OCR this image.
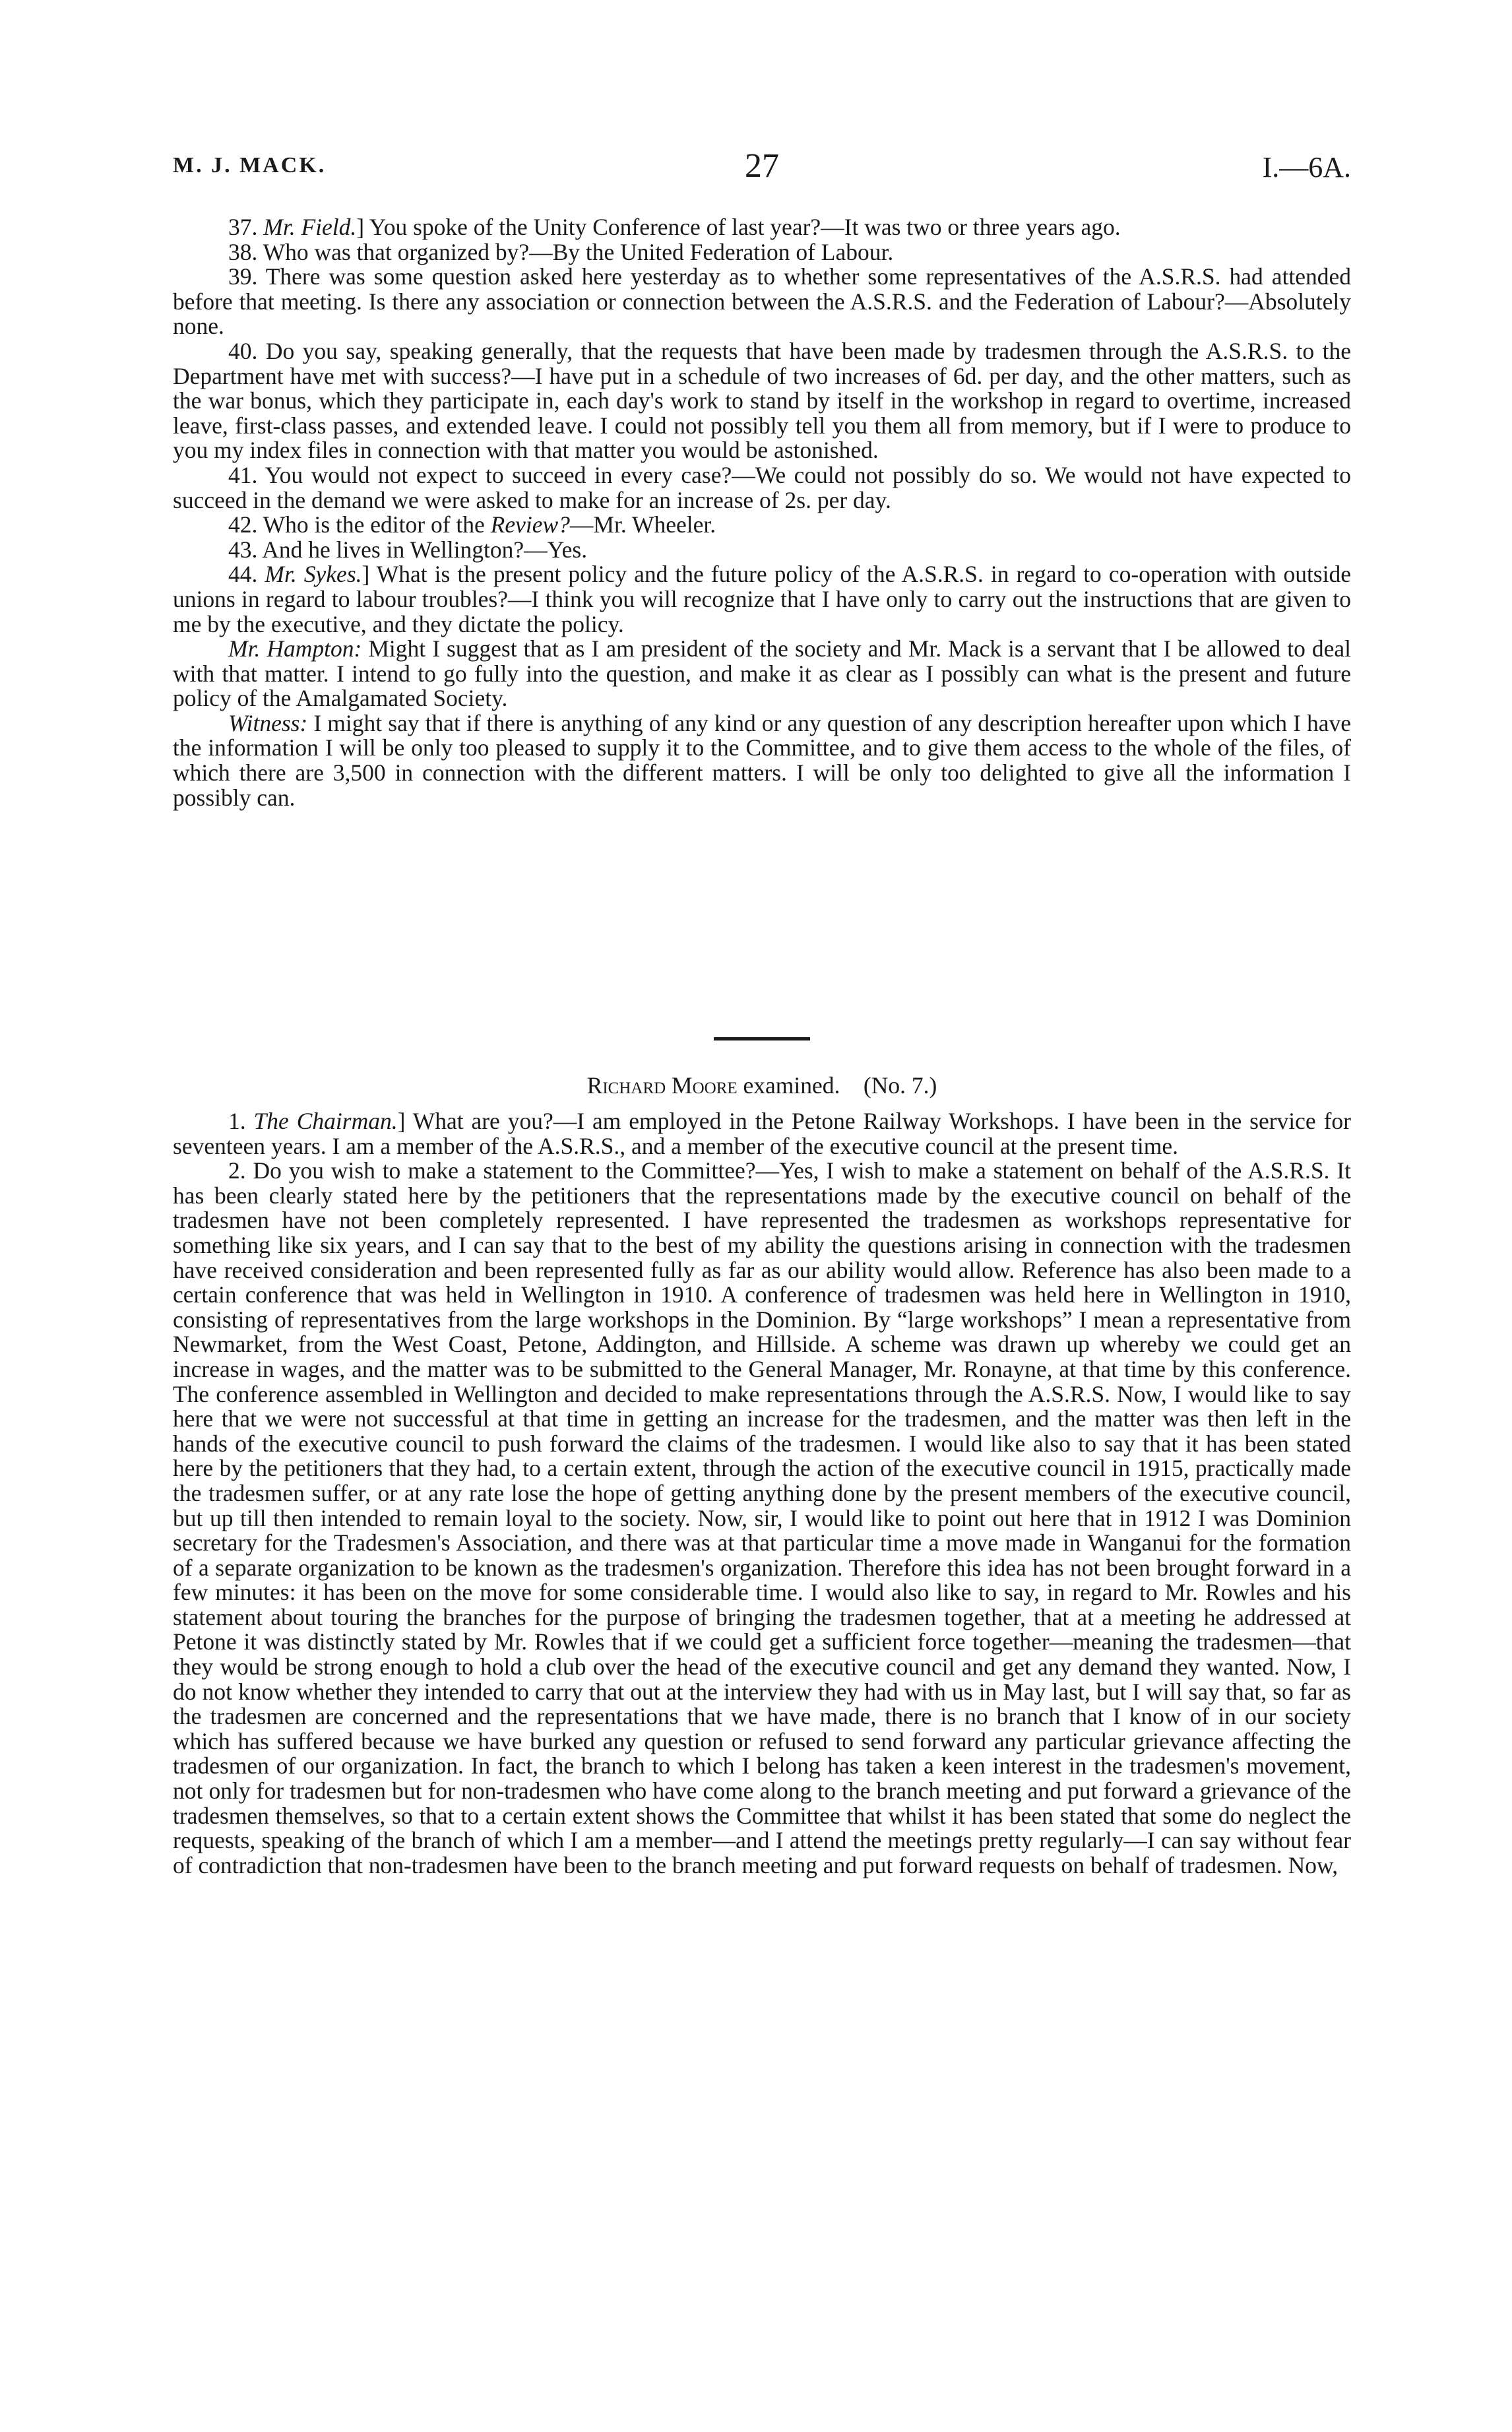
M. J. MACK.	27	I.—6A.

37. Mr. Field.] You spoke of the Unity Conference of last year?—It was two or three years ago.

38. Who was that organized by?—By the United Federation of Labour.

39. There was some question asked here yesterday as to whether some representatives of the A.S.R.S. had attended before that meeting. Is there any association or connection between the A.S.R.S. and the Federation of Labour?—Absolutely none.

40. Do you say, speaking generally, that the requests that have been made by tradesmen through the A.S.R.S. to the Department have met with success?—I have put in a schedule of two increases of 6d. per day, and the other matters, such as the war bonus, which they participate in, each day's work to stand by itself in the workshop in regard to overtime, increased leave, first-class passes, and extended leave. I could not possibly tell you them all from memory, but if I were to produce to you my index files in connection with that matter you would be astonished.

41. You would not expect to succeed in every case?—We could not possibly do so. We would not have expected to succeed in the demand we were asked to make for an increase of 2s. per day.

42. Who is the editor of the Review?—Mr. Wheeler.

43. And he lives in Wellington?—Yes.

44. Mr. Sykes.] What is the present policy and the future policy of the A.S.R.S. in regard to co-operation with outside unions in regard to labour troubles?—I think you will recognize that I have only to carry out the instructions that are given to me by the executive, and they dictate the policy.

Mr. Hampton: Might I suggest that as I am president of the society and Mr. Mack is a servant that I be allowed to deal with that matter. I intend to go fully into the question, and make it as clear as I possibly can what is the present and future policy of the Amalgamated Society.

Witness: I might say that if there is anything of any kind or any question of any description hereafter upon which I have the information I will be only too pleased to supply it to the Committee, and to give them access to the whole of the files, of which there are 3,500 in connection with the different matters. I will be only too delighted to give all the information I possibly can.

Richard Moore examined.    (No. 7.)

1. The Chairman.] What are you?—I am employed in the Petone Railway Workshops. I have been in the service for seventeen years. I am a member of the A.S.R.S., and a member of the executive council at the present time.

2. Do you wish to make a statement to the Committee?—Yes, I wish to make a statement on behalf of the A.S.R.S. It has been clearly stated here by the petitioners that the representations made by the executive council on behalf of the tradesmen have not been completely represented. I have represented the tradesmen as workshops representative for something like six years, and I can say that to the best of my ability the questions arising in connection with the tradesmen have received consideration and been represented fully as far as our ability would allow. Reference has also been made to a certain conference that was held in Wellington in 1910. A conference of tradesmen was held here in Wellington in 1910, consisting of representatives from the large workshops in the Dominion. By “large workshops” I mean a representative from Newmarket, from the West Coast, Petone, Addington, and Hillside. A scheme was drawn up whereby we could get an increase in wages, and the matter was to be submitted to the General Manager, Mr. Ronayne, at that time by this conference. The conference assembled in Wellington and decided to make representations through the A.S.R.S. Now, I would like to say here that we were not successful at that time in getting an increase for the tradesmen, and the matter was then left in the hands of the executive council to push forward the claims of the tradesmen. I would like also to say that it has been stated here by the petitioners that they had, to a certain extent, through the action of the executive council in 1915, practically made the tradesmen suffer, or at any rate lose the hope of getting anything done by the present members of the executive council, but up till then intended to remain loyal to the society. Now, sir, I would like to point out here that in 1912 I was Dominion secretary for the Tradesmen's Association, and there was at that particular time a move made in Wanganui for the formation of a separate organization to be known as the tradesmen's organization. Therefore this idea has not been brought forward in a few minutes: it has been on the move for some considerable time. I would also like to say, in regard to Mr. Rowles and his statement about touring the branches for the purpose of bringing the tradesmen together, that at a meeting he addressed at Petone it was distinctly stated by Mr. Rowles that if we could get a sufficient force together—meaning the tradesmen—that they would be strong enough to hold a club over the head of the executive council and get any demand they wanted. Now, I do not know whether they intended to carry that out at the interview they had with us in May last, but I will say that, so far as the tradesmen are concerned and the representations that we have made, there is no branch that I know of in our society which has suffered because we have burked any question or refused to send forward any particular grievance affecting the tradesmen of our organization. In fact, the branch to which I belong has taken a keen interest in the tradesmen's movement, not only for tradesmen but for non-tradesmen who have come along to the branch meeting and put forward a grievance of the tradesmen themselves, so that to a certain extent shows the Committee that whilst it has been stated that some do neglect the requests, speaking of the branch of which I am a member—and I attend the meetings pretty regularly—I can say without fear of contradiction that non-tradesmen have been to the branch meeting and put forward requests on behalf of tradesmen. Now,
